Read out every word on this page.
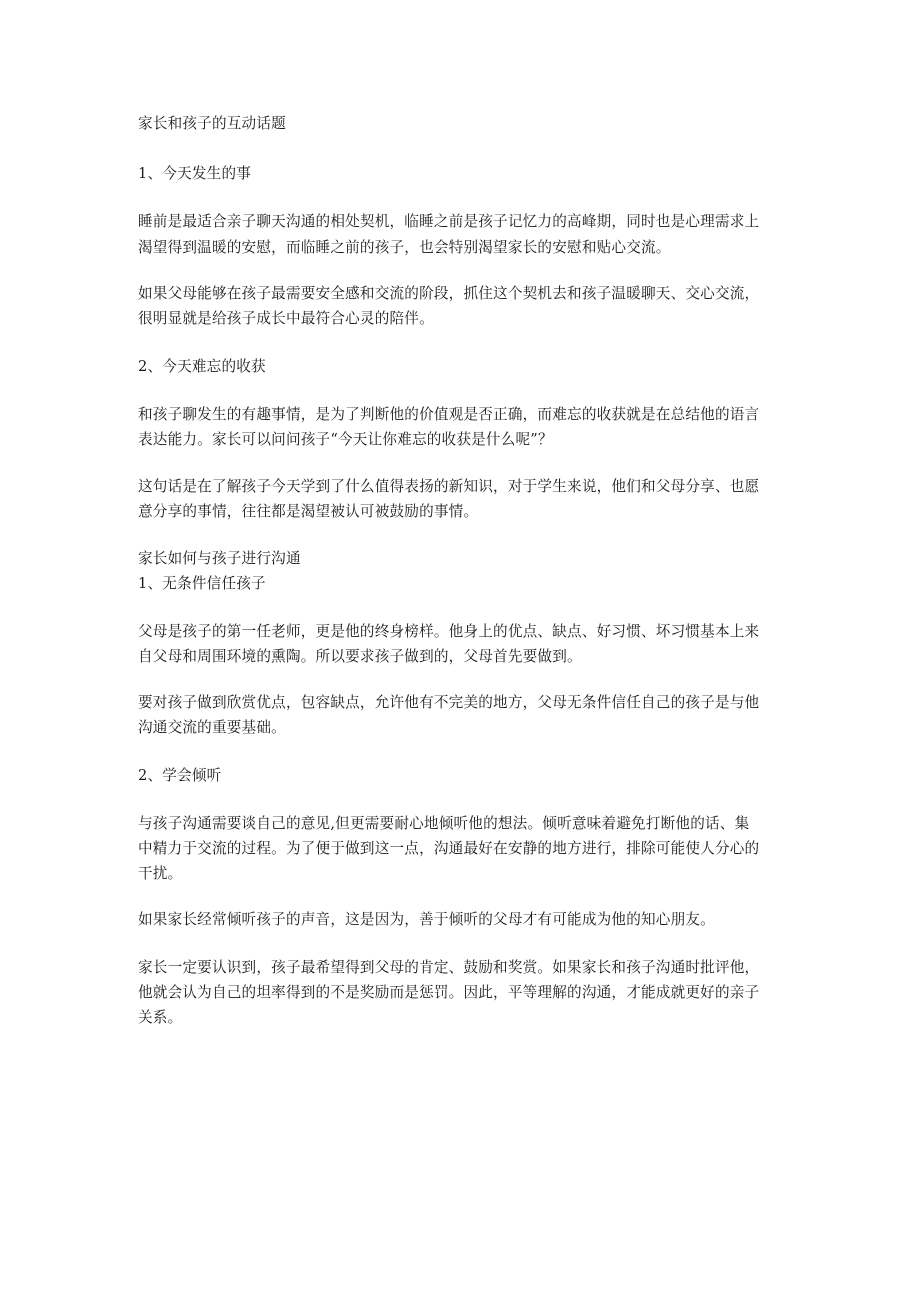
家长和孩子的互动话题
1、今天发生的事
睡前是最适合亲子聊天沟通的相处契机，临睡之前是孩子记忆力的高峰期，同时也是心理需求上
渴望得到温暖的安慰，而临睡之前的孩子，也会特别渴望家长的安慰和贴心交流。
如果父母能够在孩子最需要安全感和交流的阶段，抓住这个契机去和孩子温暖聊天、交心交流，
很明显就是给孩子成长中最符合心灵的陪伴。
2、今天难忘的收获
和孩子聊发生的有趣事情，是为了判断他的价值观是否正确，而难忘的收获就是在总结他的语言
表达能力。家长可以问问孩子“今天让你难忘的收获是什么呢”？
这句话是在了解孩子今天学到了什么值得表扬的新知识，对于学生来说，他们和父母分享、也愿
意分享的事情，往往都是渴望被认可被鼓励的事情。
家长如何与孩子进行沟通
1、无条件信任孩子
父母是孩子的第一任老师，更是他的终身榜样。他身上的优点、缺点、好习惯、坏习惯基本上来
自父母和周围环境的熏陶。所以要求孩子做到的，父母首先要做到。
要对孩子做到欣赏优点，包容缺点，允许他有不完美的地方，父母无条件信任自己的孩子是与他
沟通交流的重要基础。
2、学会倾听
与孩子沟通需要谈自己的意见,但更需要耐心地倾听他的想法。倾听意味着避免打断他的话、集
中精力于交流的过程。为了便于做到这一点，沟通最好在安静的地方进行，排除可能使人分心的
干扰。
如果家长经常倾听孩子的声音，这是因为，善于倾听的父母才有可能成为他的知心朋友。
家长一定要认识到，孩子最希望得到父母的肯定、鼓励和奖赏。如果家长和孩子沟通时批评他，
他就会认为自己的坦率得到的不是奖励而是惩罚。因此，平等理解的沟通，才能成就更好的亲子
关系。
